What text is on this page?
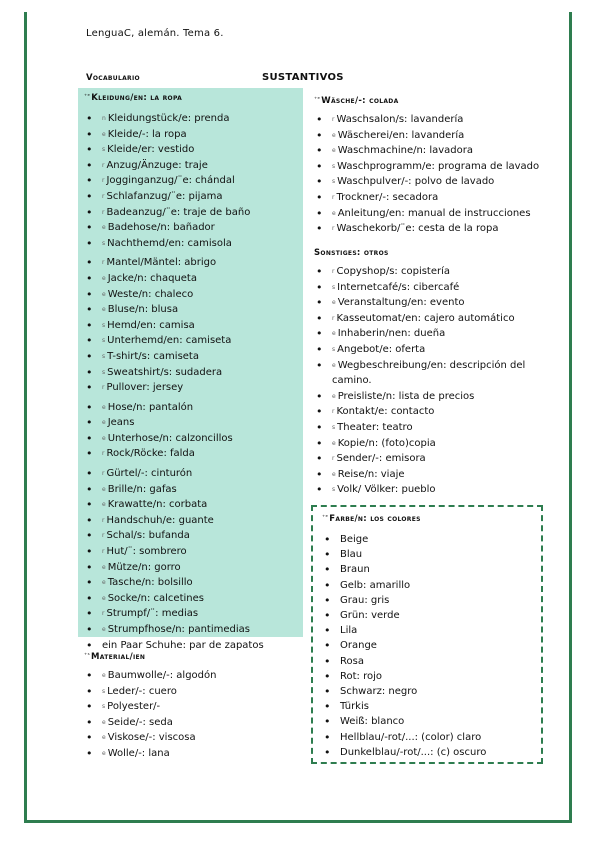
LenguaC, alemán. Tema 6.
Vocabulario	SUSTANTIVOS
$^{^+ᵉ}$Kleidung/en: la ropa
• $^n$ Kleidungstück/e: prenda
• $^e$ Kleide/-: la ropa
• $^s$ Kleide/er: vestido
• $^r$ Anzug/Änzuge: traje
• $^r$ Jogginganzug/¨e: chándal
• $^r$ Schlafanzug/¨e: pijama
• $^r$ Badeanzug/¨e: traje de baño
• $^e$ Badehose/n: bañador
• $^s$ Nachthemd/en: camisola
• $^r$ Mantel/Mäntel: abrigo
• $^e$ Jacke/n: chaqueta
• $^e$ Weste/n: chaleco
• $^e$ Bluse/n: blusa
• $^s$ Hemd/en: camisa
• $^s$ Unterhemd/en: camiseta
• $^s$ T-shirt/s: camiseta
• $^s$ Sweatshirt/s: sudadera
• $^r$ Pullover: jersey
• $^e$ Hose/n: pantalón
• $^e$ Jeans
• $^e$ Unterhose/n: calzoncillos
• $^r$ Rock/Röcke: falda
• $^r$ Gürtel/-: cinturón
• $^e$ Brille/n: gafas
• $^e$ Krawatte/n: corbata
• $^r$ Handschuh/e: guante
• $^r$ Schal/s: bufanda
• $^r$ Hut/¨: sombrero
• $^e$ Mütze/n: gorro
• $^e$ Tasche/n: bolsillo
• $^e$ Socke/n: calcetines
• $^r$ Strumpf/¨: medias
• $^e$ Strumpfhose/n: pantimedias
• ein Paar Schuhe: par de zapatos
$^{^+ˢ}$Material/ien
• $^e$ Baumwolle/-: algodón
• $^s$ Leder/-: cuero
• $^s$ Polyester/-
• $^e$ Seide/-: seda
• $^e$ Viskose/-: viscosa
• $^e$ Wolle/-: lana
$^{^+ᵉ}$Wäsche/-: colada
• $^r$ Waschsalon/s: lavandería
• $^e$ Wäscherei/en: lavandería
• $^e$ Waschmachine/n: lavadora
• $^s$ Waschprogramm/e: programa de lavado
• $^s$ Waschpulver/-: polvo de lavado
• $^r$ Trockner/-: secadora
• $^e$ Anleitung/en: manual de instrucciones
• $^r$ Waschekorb/¨e: cesta de la ropa
Sonstiges: otros
• $^r$ Copyshop/s: copistería
• $^s$ Internetcafé/s: cibercafé
• $^e$ Veranstaltung/en: evento
• $^r$ Kasseutomat/en: cajero automático
• $^e$ Inhaberin/nen: dueña
• $^s$ Angebot/e: oferta
• $^e$ Wegbeschreibung/en: descripción del camino.
• $^e$ Preisliste/n: lista de precios
• $^r$ Kontakt/e: contacto
• $^s$ Theater: teatro
• $^e$ Kopie/n: (foto)copia
• $^r$ Sender/-: emisora
• $^e$ Reise/n: viaje
• $^s$ Volk/ Völker: pueblo
$^{^+ᵉ}$Farbe/n: los colores
• Beige
• Blau
• Braun
• Gelb: amarillo
• Grau: gris
• Grün: verde
• Lila
• Orange
• Rosa
• Rot: rojo
• Schwarz: negro
• Türkis
• Weiß: blanco
• Hellblau/-rot/...: (color) claro
• Dunkelblau/-rot/...: (c) oscuro
